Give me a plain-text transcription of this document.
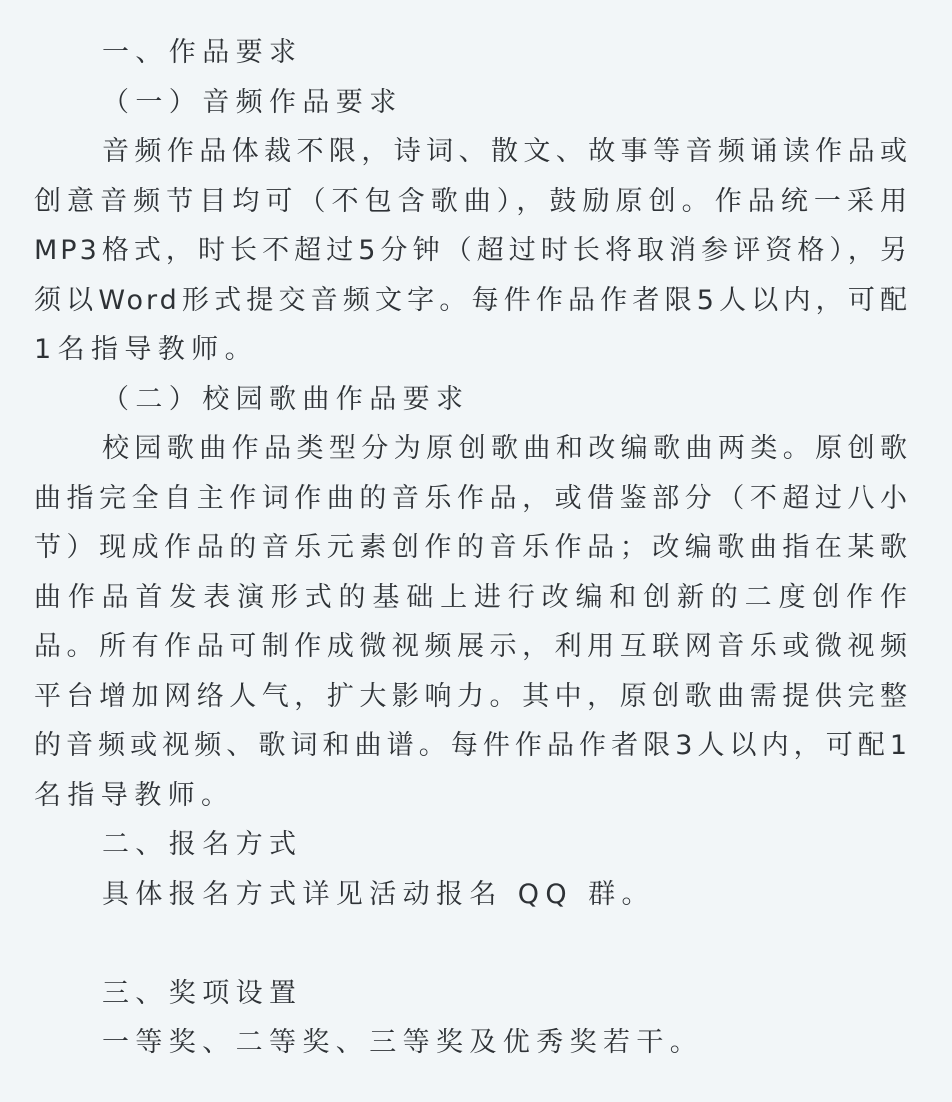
一、作品要求

（一）音频作品要求

音频作品体裁不限，诗词、散文、故事等音频诵读作品或

创意音频节目均可（不包含歌曲），鼓励原创。作品统一采用

MP3格式，时长不超过5分钟（超过时长将取消参评资格），另

须以Word形式提交音频文字。每件作品作者限5人以内，可配

1名指导教师。

（二）校园歌曲作品要求

校园歌曲作品类型分为原创歌曲和改编歌曲两类。原创歌

曲指完全自主作词作曲的音乐作品，或借鉴部分（不超过八小

节）现成作品的音乐元素创作的音乐作品；改编歌曲指在某歌

曲作品首发表演形式的基础上进行改编和创新的二度创作作

品。所有作品可制作成微视频展示，利用互联网音乐或微视频

平台增加网络人气，扩大影响力。其中，原创歌曲需提供完整

的音频或视频、歌词和曲谱。每件作品作者限3人以内，可配1

名指导教师。

二、报名方式

具体报名方式详见活动报名 QQ 群。

三、奖项设置

一等奖、二等奖、三等奖及优秀奖若干。
